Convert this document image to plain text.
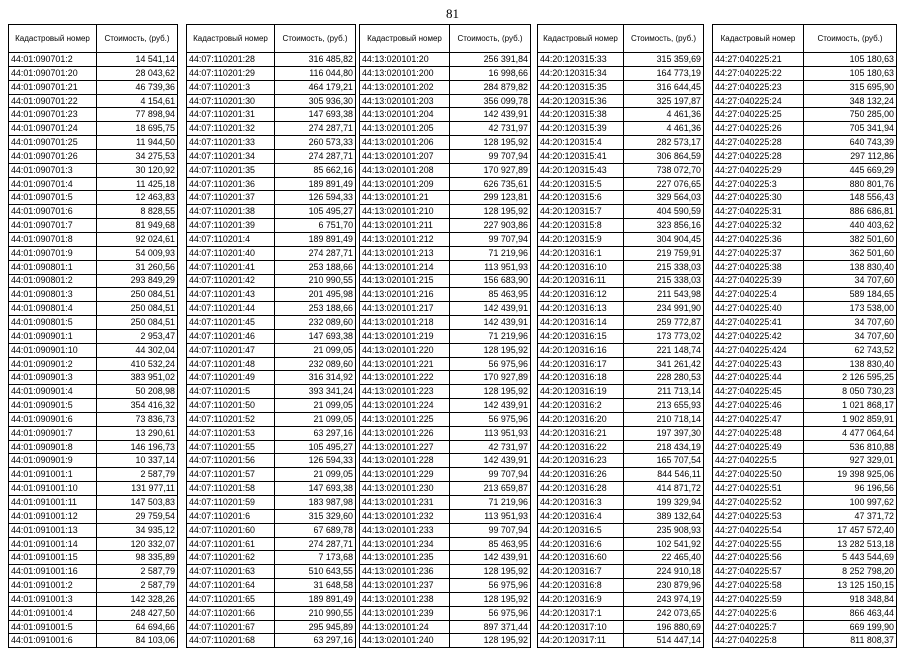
81
Кадастровый номер	Стоимость, (руб.)
44:01:090701:2	14 541,14
44:01:090701:20	28 043,62
44:01:090701:21	46 739,36
44:01:090701:22	4 154,61
44:01:090701:23	77 898,94
44:01:090701:24	18 695,75
44:01:090701:25	11 944,50
44:01:090701:26	34 275,53
44:01:090701:3	30 120,92
44:01:090701:4	11 425,18
44:01:090701:5	12 463,83
44:01:090701:6	8 828,55
44:01:090701:7	81 949,68
44:01:090701:8	92 024,61
44:01:090701:9	54 009,93
44:01:090801:1	31 260,56
44:01:090801:2	293 849,29
44:01:090801:3	250 084,51
44:01:090801:4	250 084,51
44:01:090801:5	250 084,51
44:01:090901:1	2 953,47
44:01:090901:10	44 302,04
44:01:090901:2	410 532,24
44:01:090901:3	383 951,02
44:01:090901:4	50 208,98
44:01:090901:5	354 416,32
44:01:090901:6	73 836,73
44:01:090901:7	13 290,61
44:01:090901:8	146 196,73
44:01:090901:9	10 337,14
44:01:091001:1	2 587,79
44:01:091001:10	131 977,11
44:01:091001:11	147 503,83
44:01:091001:12	29 759,54
44:01:091001:13	34 935,12
44:01:091001:14	120 332,07
44:01:091001:15	98 335,89
44:01:091001:16	2 587,79
44:01:091001:2	2 587,79
44:01:091001:3	142 328,26
44:01:091001:4	248 427,50
44:01:091001:5	64 694,66
44:01:091001:6	84 103,06
Кадастровый номер	Стоимость, (руб.)
44:07:110201:28	316 485,82
44:07:110201:29	116 044,80
44:07:110201:3	464 179,21
44:07:110201:30	305 936,30
44:07:110201:31	147 693,38
44:07:110201:32	274 287,71
44:07:110201:33	260 573,33
44:07:110201:34	274 287,71
44:07:110201:35	85 662,16
44:07:110201:36	189 891,49
44:07:110201:37	126 594,33
44:07:110201:38	105 495,27
44:07:110201:39	6 751,70
44:07:110201:4	189 891,49
44:07:110201:40	274 287,71
44:07:110201:41	253 188,66
44:07:110201:42	210 990,55
44:07:110201:43	201 495,98
44:07:110201:44	253 188,66
44:07:110201:45	232 089,60
44:07:110201:46	147 693,38
44:07:110201:47	21 099,05
44:07:110201:48	232 089,60
44:07:110201:49	316 314,92
44:07:110201:5	393 341,24
44:07:110201:50	21 099,05
44:07:110201:52	21 099,05
44:07:110201:53	63 297,16
44:07:110201:55	105 495,27
44:07:110201:56	126 594,33
44:07:110201:57	21 099,05
44:07:110201:58	147 693,38
44:07:110201:59	183 987,98
44:07:110201:6	315 329,60
44:07:110201:60	67 689,78
44:07:110201:61	274 287,71
44:07:110201:62	7 173,68
44:07:110201:63	510 643,55
44:07:110201:64	31 648,58
44:07:110201:65	189 891,49
44:07:110201:66	210 990,55
44:07:110201:67	295 945,89
44:07:110201:68	63 297,16
Кадастровый номер	Стоимость, (руб.)
44:13:020101:20	256 391,84
44:13:020101:200	16 998,66
44:13:020101:202	284 879,82
44:13:020101:203	356 099,78
44:13:020101:204	142 439,91
44:13:020101:205	42 731,97
44:13:020101:206	128 195,92
44:13:020101:207	99 707,94
44:13:020101:208	170 927,89
44:13:020101:209	626 735,61
44:13:020101:21	299 123,81
44:13:020101:210	128 195,92
44:13:020101:211	227 903,86
44:13:020101:212	99 707,94
44:13:020101:213	71 219,96
44:13:020101:214	113 951,93
44:13:020101:215	156 683,90
44:13:020101:216	85 463,95
44:13:020101:217	142 439,91
44:13:020101:218	142 439,91
44:13:020101:219	71 219,96
44:13:020101:220	128 195,92
44:13:020101:221	56 975,96
44:13:020101:222	170 927,89
44:13:020101:223	128 195,92
44:13:020101:224	142 439,91
44:13:020101:225	56 975,96
44:13:020101:226	113 951,93
44:13:020101:227	42 731,97
44:13:020101:228	142 439,91
44:13:020101:229	99 707,94
44:13:020101:230	213 659,87
44:13:020101:231	71 219,96
44:13:020101:232	113 951,93
44:13:020101:233	99 707,94
44:13:020101:234	85 463,95
44:13:020101:235	142 439,91
44:13:020101:236	128 195,92
44:13:020101:237	56 975,96
44:13:020101:238	128 195,92
44:13:020101:239	56 975,96
44:13:020101:24	897 371,44
44:13:020101:240	128 195,92
Кадастровый номер	Стоимость, (руб.)
44:20:120315:33	315 359,69
44:20:120315:34	164 773,19
44:20:120315:35	316 644,45
44:20:120315:36	325 197,87
44:20:120315:38	4 461,36
44:20:120315:39	4 461,36
44:20:120315:4	282 573,17
44:20:120315:41	306 864,59
44:20:120315:43	738 072,70
44:20:120315:5	227 076,65
44:20:120315:6	329 564,03
44:20:120315:7	404 590,59
44:20:120315:8	323 856,16
44:20:120315:9	304 904,45
44:20:120316:1	219 759,91
44:20:120316:10	215 338,03
44:20:120316:11	215 338,03
44:20:120316:12	211 543,98
44:20:120316:13	234 991,90
44:20:120316:14	259 772,87
44:20:120316:15	173 773,02
44:20:120316:16	221 148,74
44:20:120316:17	341 261,42
44:20:120316:18	228 280,53
44:20:120316:19	211 713,14
44:20:120316:2	213 655,93
44:20:120316:20	210 718,14
44:20:120316:21	197 397,30
44:20:120316:22	218 434,19
44:20:120316:23	165 707,54
44:20:120316:26	844 546,11
44:20:120316:28	414 871,72
44:20:120316:3	199 329,94
44:20:120316:4	389 132,64
44:20:120316:5	235 908,93
44:20:120316:6	102 541,92
44:20:120316:60	22 465,40
44:20:120316:7	224 910,18
44:20:120316:8	230 879,96
44:20:120316:9	243 974,19
44:20:120317:1	242 073,65
44:20:120317:10	196 880,69
44:20:120317:11	514 447,14
Кадастровый номер	Стоимость, (руб.)
44:27:040225:21	105 180,63
44:27:040225:22	105 180,63
44:27:040225:23	315 695,90
44:27:040225:24	348 132,24
44:27:040225:25	750 285,00
44:27:040225:26	705 341,94
44:27:040225:28	640 743,39
44:27:040225:28	297 112,86
44:27:040225:29	445 669,29
44:27:040225:3	880 801,76
44:27:040225:30	148 556,43
44:27:040225:31	886 686,81
44:27:040225:32	440 403,62
44:27:040225:36	382 501,60
44:27:040225:37	362 501,60
44:27:040225:38	138 830,40
44:27:040225:39	34 707,60
44:27:040225:4	589 184,65
44:27:040225:40	173 538,00
44:27:040225:41	34 707,60
44:27:040225:42	34 707,60
44:27:040225:424	62 743,52
44:27:040225:43	138 830,40
44:27:040225:44	2 126 595,25
44:27:040225:45	8 050 730,23
44:27:040225:46	1 021 868,17
44:27:040225:47	1 902 859,91
44:27:040225:48	4 477 064,64
44:27:040225:49	536 810,88
44:27:040225:5	927 329,01
44:27:040225:50	19 398 925,06
44:27:040225:51	96 196,56
44:27:040225:52	100 997,62
44:27:040225:53	47 371,72
44:27:040225:54	17 457 572,40
44:27:040225:55	13 282 513,18
44:27:040225:56	5 443 544,69
44:27:040225:57	8 252 798,20
44:27:040225:58	13 125 150,15
44:27:040225:59	918 348,84
44:27:040225:6	866 463,44
44:27:040225:7	669 199,90
44:27:040225:8	811 808,37
